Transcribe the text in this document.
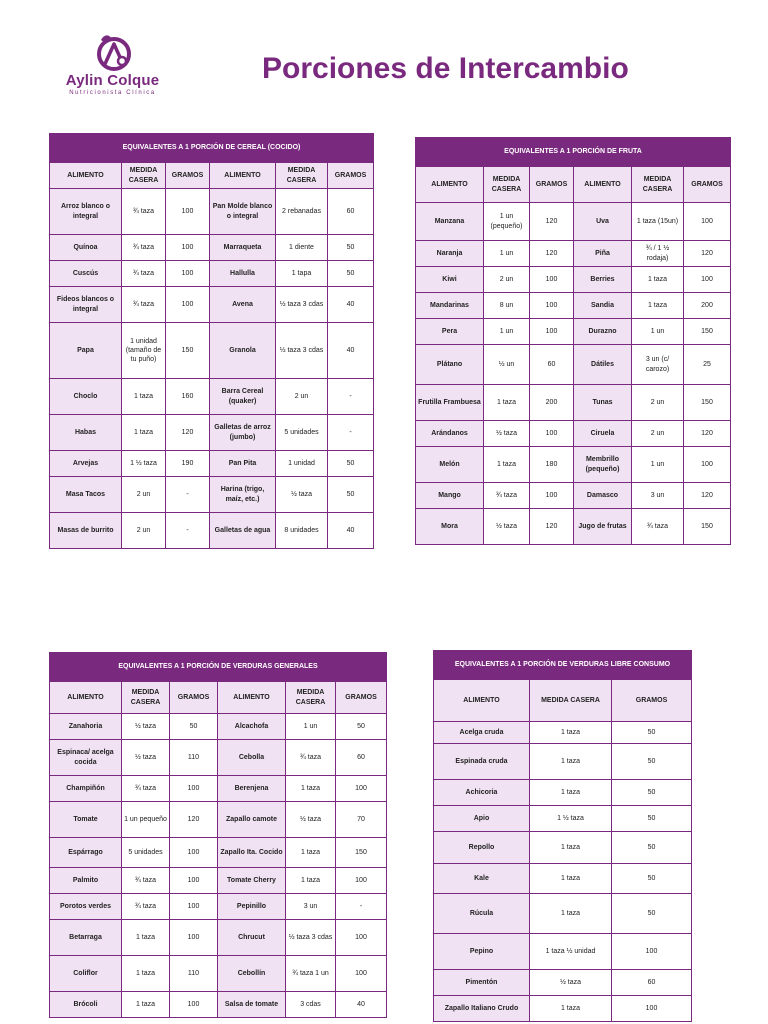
Aylin Colque
Nutricionista Clínica
Porciones de Intercambio
EQUIVALENTES A 1 PORCIÓN DE CEREAL (COCIDO)					
ALIMENTO	MEDIDA CASERA	GRAMOS	ALIMENTO	MEDIDA CASERA	GRAMOS
Arroz blanco o integral	¾ taza	100	Pan Molde blanco o integral	2 rebanadas	60
Quínoa	¾ taza	100	Marraqueta	1 diente	50
Cuscús	¾ taza	100	Hallulla	1 tapa	50
Fideos blancos o integral	¾ taza	100	Avena	½ taza 3 cdas	40
Papa	1 unidad (tamaño de tu puño)	150	Granola	½ taza 3 cdas	40
Choclo	1 taza	160	Barra Cereal (quaker)	2 un	-
Habas	1 taza	120	Galletas de arroz (jumbo)	5 unidades	-
Arvejas	1 ½ taza	190	Pan Pita	1 unidad	50
Masa Tacos	2 un	-	Harina (trigo, maíz, etc.)	½ taza	50
Masas de burrito	2 un	-	Galletas de agua	8 unidades	40
EQUIVALENTES A 1 PORCIÓN DE FRUTA					
ALIMENTO	MEDIDA CASERA	GRAMOS	ALIMENTO	MEDIDA CASERA	GRAMOS
Manzana	1 un (pequeño)	120	Uva	1 taza (15un)	100
Naranja	1 un	120	Piña	¾ / 1 ½ rodaja)	120
Kiwi	2 un	100	Berries	1 taza	100
Mandarinas	8 un	100	Sandia	1 taza	200
Pera	1 un	100	Durazno	1 un	150
Plátano	½ un	60	Dátiles	3 un (c/ carozo)	25
Frutilla Frambuesa	1 taza	200	Tunas	2 un	150
Arándanos	½ taza	100	Ciruela	2 un	120
Melón	1 taza	180	Membrillo (pequeño)	1 un	100
Mango	¾ taza	100	Damasco	3 un	120
Mora	½ taza	120	Jugo de frutas	¾ taza	150
EQUIVALENTES A 1 PORCIÓN DE VERDURAS GENERALES					
ALIMENTO	MEDIDA CASERA	GRAMOS	ALIMENTO	MEDIDA CASERA	GRAMOS
Zanahoria	½ taza	50	Alcachofa	1 un	50
Espinaca/ acelga cocida	½ taza	110	Cebolla	¾ taza	60
Champiñón	¾ taza	100	Berenjena	1 taza	100
Tomate	1 un pequeño	120	Zapallo camote	½ taza	70
Espárrago	5 unidades	100	Zapallo Ita. Cocido	1 taza	150
Palmito	¾ taza	100	Tomate Cherry	1 taza	100
Porotos verdes	¾ taza	100	Pepinillo	3 un	-
Betarraga	1 taza	100	Chrucut	½ taza 3 cdas	100
Coliflor	1 taza	110	Cebollín	¾ taza 1 un	100
Brócoli	1 taza	100	Salsa de tomate	3 cdas	40
EQUIVALENTES A 1 PORCIÓN DE VERDURAS LIBRE CONSUMO		
ALIMENTO	MEDIDA CASERA	GRAMOS
Acelga cruda	1 taza	50
Espinada cruda	1 taza	50
Achicoria	1 taza	50
Apio	1 ½ taza	50
Repollo	1 taza	50
Kale	1 taza	50
Rúcula	1 taza	50
Pepino	1 taza ½ unidad	100
Pimentón	½ taza	60
Zapallo Italiano Crudo	1 taza	100
